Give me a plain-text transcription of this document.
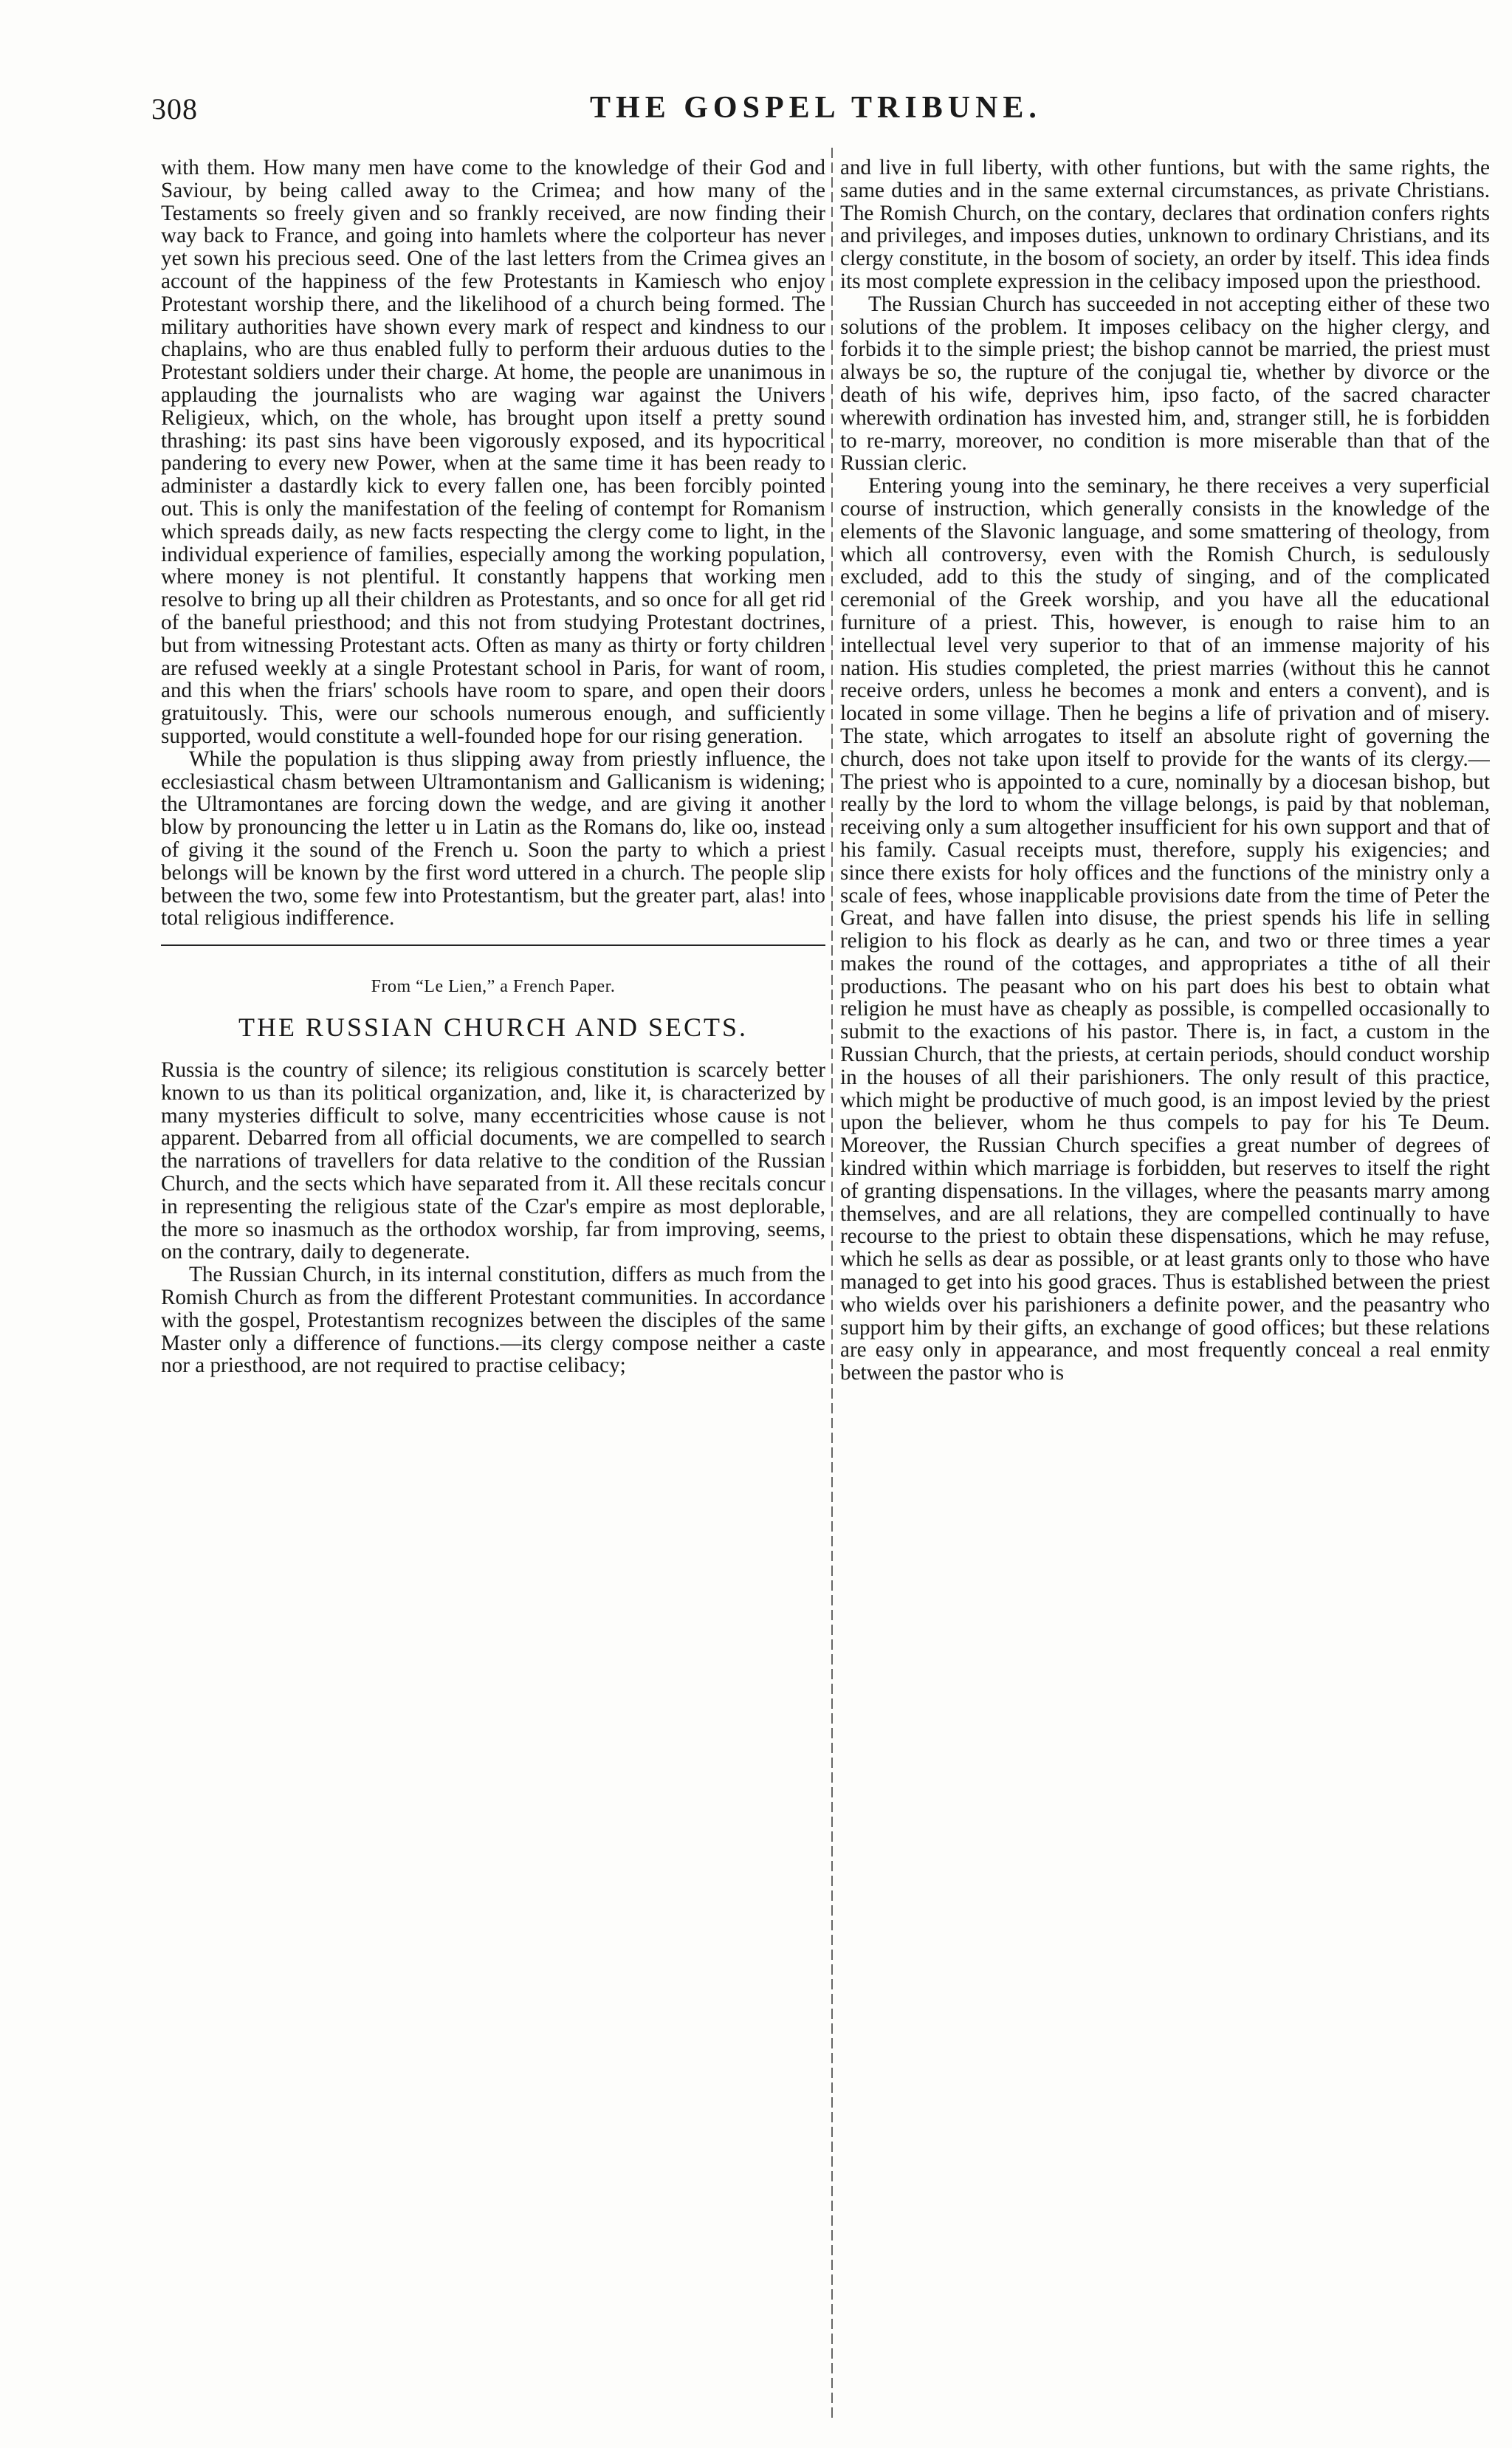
308	THE GOSPEL TRIBUNE.

with them. How many men have come to the knowledge of their God and Saviour, by being called away to the Crimea; and how many of the Testaments so freely given and so frankly received, are now finding their way back to France, and going into hamlets where the colporteur has never yet sown his precious seed. One of the last letters from the Crimea gives an account of the happiness of the few Protestants in Kamiesch who enjoy Protestant worship there, and the likelihood of a church being formed. The military authorities have shown every mark of respect and kindness to our chaplains, who are thus enabled fully to perform their arduous duties to the Protestant soldiers under their charge. At home, the people are unanimous in applauding the journalists who are waging war against the Univers Religieux, which, on the whole, has brought upon itself a pretty sound thrashing: its past sins have been vigorously exposed, and its hypocritical pandering to every new Power, when at the same time it has been ready to administer a dastardly kick to every fallen one, has been forcibly pointed out. This is only the manifestation of the feeling of contempt for Romanism which spreads daily, as new facts respecting the clergy come to light, in the individual experience of families, especially among the working population, where money is not plentiful. It constantly happens that working men resolve to bring up all their children as Protestants, and so once for all get rid of the baneful priesthood; and this not from studying Protestant doctrines, but from witnessing Protestant acts. Often as many as thirty or forty children are refused weekly at a single Protestant school in Paris, for want of room, and this when the friars' schools have room to spare, and open their doors gratuitously. This, were our schools numerous enough, and sufficiently supported, would constitute a well-founded hope for our rising generation.

While the population is thus slipping away from priestly influence, the ecclesiastical chasm between Ultramontanism and Gallicanism is widening; the Ultramontanes are forcing down the wedge, and are giving it another blow by pronouncing the letter u in Latin as the Romans do, like oo, instead of giving it the sound of the French u. Soon the party to which a priest belongs will be known by the first word uttered in a church. The people slip between the two, some few into Protestantism, but the greater part, alas! into total religious indifference.

From “Le Lien,” a French Paper.
THE RUSSIAN CHURCH AND SECTS.

Russia is the country of silence; its religious constitution is scarcely better known to us than its political organization, and, like it, is characterized by many mysteries difficult to solve, many eccentricities whose cause is not apparent. Debarred from all official documents, we are compelled to search the narrations of travellers for data relative to the condition of the Russian Church, and the sects which have separated from it. All these recitals concur in representing the religious state of the Czar's empire as most deplorable, the more so inasmuch as the orthodox worship, far from improving, seems, on the contrary, daily to degenerate.

The Russian Church, in its internal constitution, differs as much from the Romish Church as from the different Protestant communities. In accordance with the gospel, Protestantism recognizes between the disciples of the same Master only a difference of functions.—its clergy compose neither a caste nor a priesthood, are not required to practise celibacy;

and live in full liberty, with other funtions, but with the same rights, the same duties and in the same external circumstances, as private Christians. The Romish Church, on the contary, declares that ordination confers rights and privileges, and imposes duties, unknown to ordinary Christians, and its clergy constitute, in the bosom of society, an order by itself. This idea finds its most complete expression in the celibacy imposed upon the priesthood.

The Russian Church has succeeded in not accepting either of these two solutions of the problem. It imposes celibacy on the higher clergy, and forbids it to the simple priest; the bishop cannot be married, the priest must always be so, the rupture of the conjugal tie, whether by divorce or the death of his wife, deprives him, ipso facto, of the sacred character wherewith ordination has invested him, and, stranger still, he is forbidden to re-marry, moreover, no condition is more miserable than that of the Russian cleric.

Entering young into the seminary, he there receives a very superficial course of instruction, which generally consists in the knowledge of the elements of the Slavonic language, and some smattering of theology, from which all controversy, even with the Romish Church, is sedulously excluded, add to this the study of singing, and of the complicated ceremonial of the Greek worship, and you have all the educational furniture of a priest. This, however, is enough to raise him to an intellectual level very superior to that of an immense majority of his nation. His studies completed, the priest marries (without this he cannot receive orders, unless he becomes a monk and enters a convent), and is located in some village. Then he begins a life of privation and of misery. The state, which arrogates to itself an absolute right of governing the church, does not take upon itself to provide for the wants of its clergy.—The priest who is appointed to a cure, nominally by a diocesan bishop, but really by the lord to whom the village belongs, is paid by that nobleman, receiving only a sum altogether insufficient for his own support and that of his family. Casual receipts must, therefore, supply his exigencies; and since there exists for holy offices and the functions of the ministry only a scale of fees, whose inapplicable provisions date from the time of Peter the Great, and have fallen into disuse, the priest spends his life in selling religion to his flock as dearly as he can, and two or three times a year makes the round of the cottages, and appropriates a tithe of all their productions. The peasant who on his part does his best to obtain what religion he must have as cheaply as possible, is compelled occasionally to submit to the exactions of his pastor. There is, in fact, a custom in the Russian Church, that the priests, at certain periods, should conduct worship in the houses of all their parishioners. The only result of this practice, which might be productive of much good, is an impost levied by the priest upon the believer, whom he thus compels to pay for his Te Deum. Moreover, the Russian Church specifies a great number of degrees of kindred within which marriage is forbidden, but reserves to itself the right of granting dispensations. In the villages, where the peasants marry among themselves, and are all relations, they are compelled continually to have recourse to the priest to obtain these dispensations, which he may refuse, which he sells as dear as possible, or at least grants only to those who have managed to get into his good graces. Thus is established between the priest who wields over his parishioners a definite power, and the peasantry who support him by their gifts, an exchange of good offices; but these relations are easy only in appearance, and most frequently conceal a real enmity between the pastor who is
